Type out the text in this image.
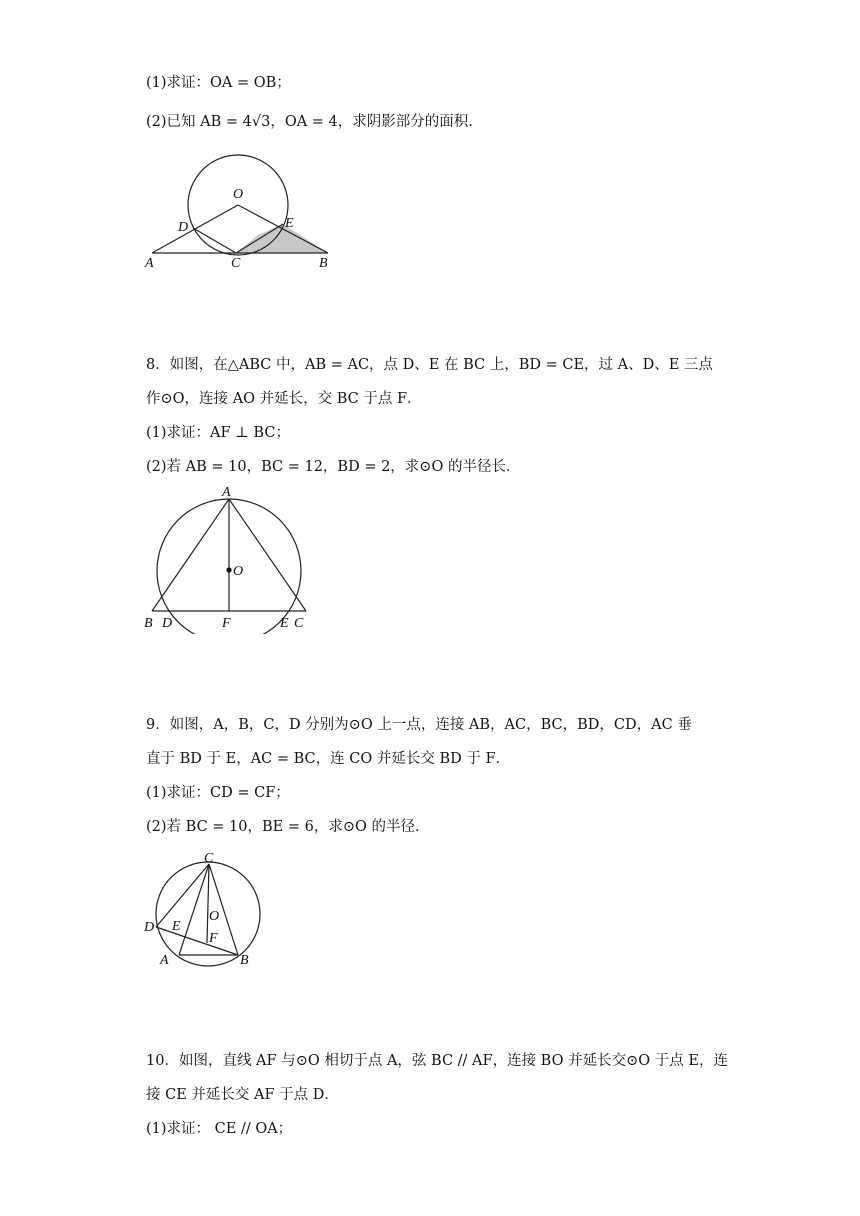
(1)求证：OA = OB；
(2)已知 AB = 4√3，OA = 4，求阴影部分的面积.
O
D	E
A	C	B
8．如图，在△ABC 中，AB = AC，点 D、E 在 BC 上，BD = CE，过 A、D、E 三点
作⊙O，连接 AO 并延长，交 BC 于点 F．
(1)求证：AF ⊥ BC；
(2)若 AB = 10，BC = 12，BD = 2，求⊙O 的半径长．
A
O
B D	F	E C
9．如图，A，B，C，D 分别为⊙O 上一点，连接 AB，AC，BC，BD，CD，AC 垂
直于 BD 于 E，AC = BC，连 CO 并延长交 BD 于 F．
(1)求证：CD = CF；
(2)若 BC = 10，BE = 6，求⊙O 的半径．
C
D E
O
F
A	B
10．如图，直线 AF 与⊙O 相切于点 A，弦 BC // AF，连接 BO 并延长交⊙O 于点 E，连
接 CE 并延长交 AF 于点 D．
(1)求证： CE // OA；
